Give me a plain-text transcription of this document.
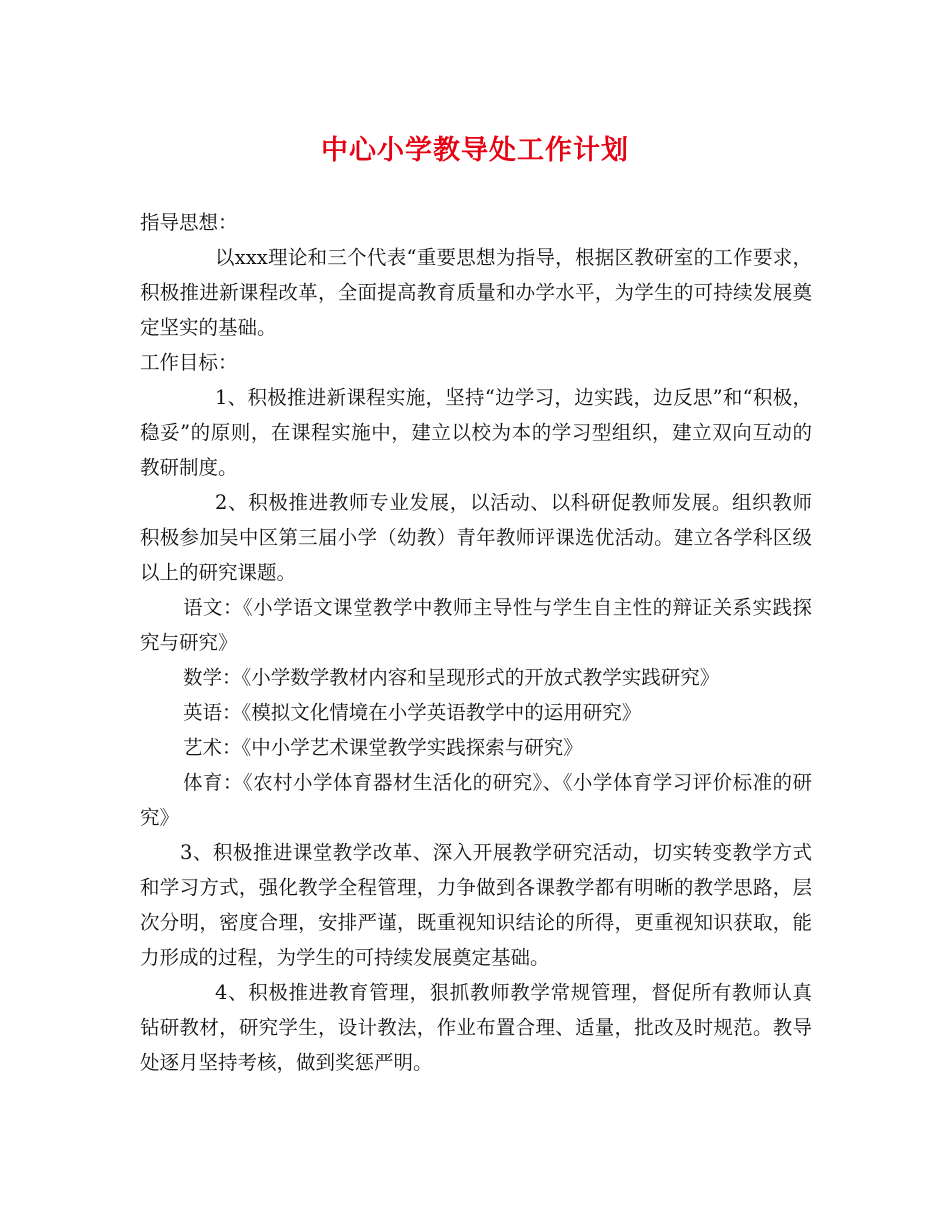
中心小学教导处工作计划

指导思想：

以xxx理论和三个代表“重要思想为指导，根据区教研室的工作要求，积极推进新课程改革，全面提高教育质量和办学水平，为学生的可持续发展奠定坚实的基础。

工作目标：

1、积极推进新课程实施，坚持“边学习，边实践，边反思”和“积极，稳妥”的原则，在课程实施中，建立以校为本的学习型组织，建立双向互动的教研制度。

2、积极推进教师专业发展，以活动、以科研促教师发展。组织教师积极参加吴中区第三届小学（幼教）青年教师评课选优活动。建立各学科区级以上的研究课题。

语文：《小学语文课堂教学中教师主导性与学生自主性的辩证关系实践探究与研究》

数学：《小学数学教材内容和呈现形式的开放式教学实践研究》

英语：《模拟文化情境在小学英语教学中的运用研究》

艺术：《中小学艺术课堂教学实践探索与研究》

体育：《农村小学体育器材生活化的研究》、《小学体育学习评价标准的研究》

3、积极推进课堂教学改革、深入开展教学研究活动，切实转变教学方式和学习方式，强化教学全程管理，力争做到各课教学都有明晰的教学思路，层次分明，密度合理，安排严谨，既重视知识结论的所得，更重视知识获取，能力形成的过程，为学生的可持续发展奠定基础。

4、积极推进教育管理，狠抓教师教学常规管理，督促所有教师认真钻研教材，研究学生，设计教法，作业布置合理、适量，批改及时规范。教导处逐月坚持考核，做到奖惩严明。
